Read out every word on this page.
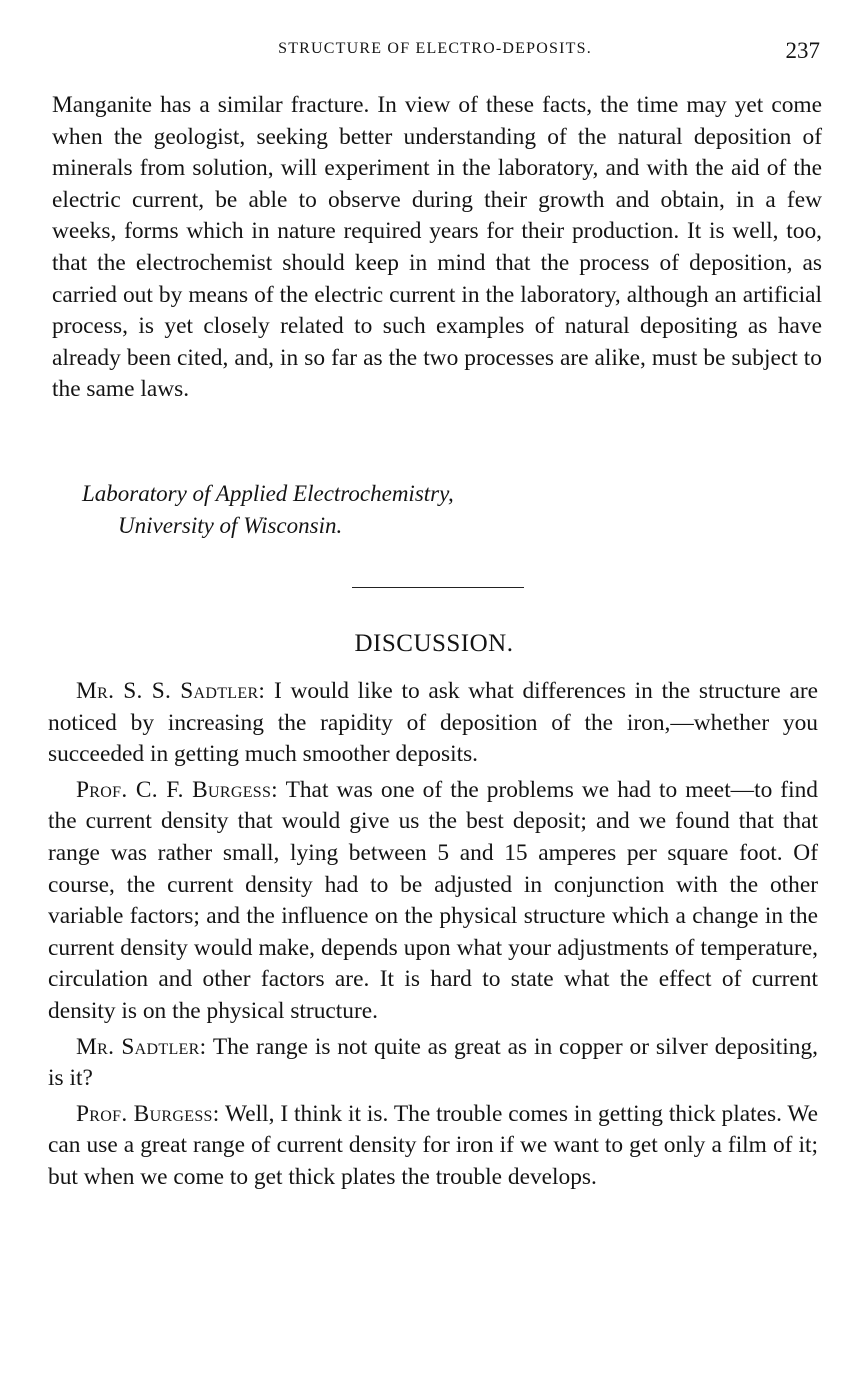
STRUCTURE OF ELECTRO-DEPOSITS.	237

Manganite has a similar fracture. In view of these facts, the time may yet come when the geologist, seeking better understanding of the natural deposition of minerals from solution, will experiment in the laboratory, and with the aid of the electric current, be able to observe during their growth and obtain, in a few weeks, forms which in nature required years for their production. It is well, too, that the electrochemist should keep in mind that the process of deposition, as carried out by means of the electric current in the laboratory, although an artificial process, is yet closely related to such examples of natural depositing as have already been cited, and, in so far as the two processes are alike, must be subject to the same laws.

Laboratory of Applied Electrochemistry,
University of Wisconsin.
DISCUSSION.

Mr. S. S. Sadtler: I would like to ask what differences in the structure are noticed by increasing the rapidity of deposition of the iron,—whether you succeeded in getting much smoother deposits.

Prof. C. F. Burgess: That was one of the problems we had to meet—to find the current density that would give us the best deposit; and we found that that range was rather small, lying between 5 and 15 amperes per square foot. Of course, the current density had to be adjusted in conjunction with the other variable factors; and the influence on the physical structure which a change in the current density would make, depends upon what your adjustments of temperature, circulation and other factors are. It is hard to state what the effect of current density is on the physical structure.

Mr. Sadtler: The range is not quite as great as in copper or silver depositing, is it?

Prof. Burgess: Well, I think it is. The trouble comes in getting thick plates. We can use a great range of current density for iron if we want to get only a film of it; but when we come to get thick plates the trouble develops.
